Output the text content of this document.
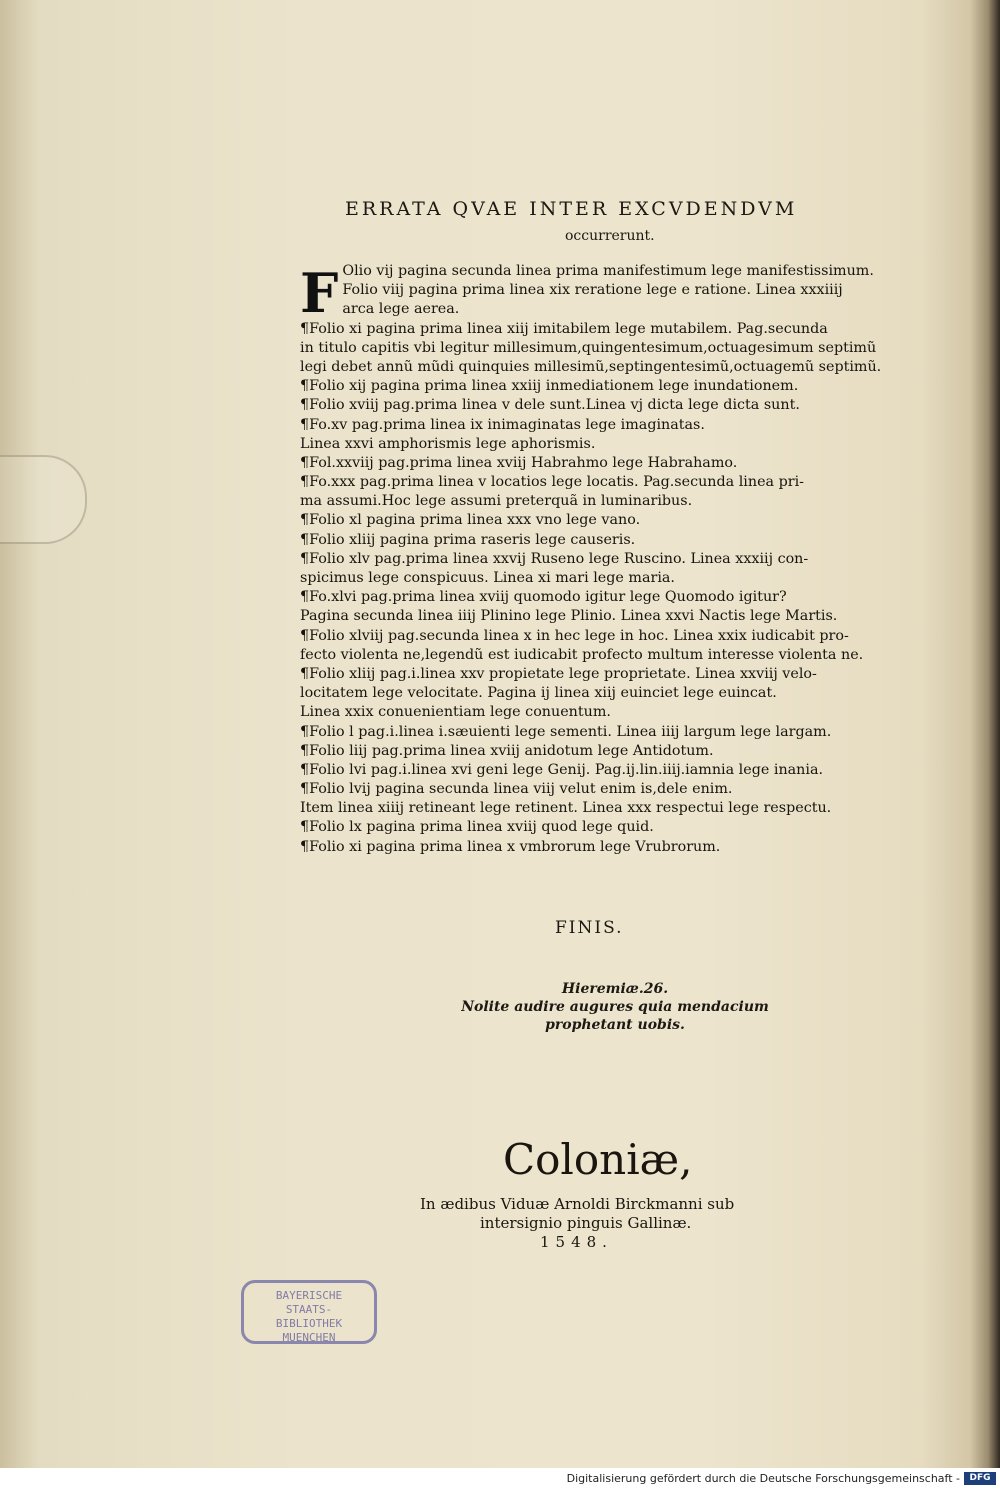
ERRATA QVAE INTER EXCVDENDVM
occurrerunt.
F Olio vij pagina secunda linea prima manifestimum lege manifestissimum.
Folio viij pagina prima linea xix reratione lege e ratione. Linea xxxiiij
arca lege aerea.
¶Folio xi pagina prima linea xiij imitabilem lege mutabilem. Pag.secunda
in titulo capitis vbi legitur millesimum,quingentesimum,octuagesimum septimũ
legi debet annũ mũdi quinquies millesimũ,septingentesimũ,octuagemũ septimũ.
¶Folio xij pagina prima linea xxiij inmediationem lege inundationem.
¶Folio xviij pag.prima linea v dele sunt.Linea vj dicta lege dicta sunt.
¶Fo.xv pag.prima linea ix inimaginatas lege imaginatas.
Linea xxvi amphorismis lege aphorismis.
¶Fol.xxviij pag.prima linea xviij Habrahmo lege Habrahamo.
¶Fo.xxx pag.prima linea v locatios lege locatis. Pag.secunda linea pri-
ma assumi.Hoc lege assumi preterquã in luminaribus.
¶Folio xl pagina prima linea xxx vno lege vano.
¶Folio xliij pagina prima raseris lege causeris.
¶Folio xlv pag.prima linea xxvij Ruseno lege Ruscino. Linea xxxiij con-
spicimus lege conspicuus. Linea xi mari lege maria.
¶Fo.xlvi pag.prima linea xviij quomodo igitur lege Quomodo igitur?
Pagina secunda linea iiij Plinino lege Plinio. Linea xxvi Nactis lege Martis.
¶Folio xlviij pag.secunda linea x in hec lege in hoc. Linea xxix iudicabit pro-
fecto violenta ne,legendũ est iudicabit profecto multum interesse violenta ne.
¶Folio xliij pag.i.linea xxv propietate lege proprietate. Linea xxviij velo-
locitatem lege velocitate. Pagina ij linea xiij euinciet lege euincat.
Linea xxix conuenientiam lege conuentum.
¶Folio l pag.i.linea i.sæuienti lege sementi. Linea iiij largum lege largam.
¶Folio liij pag.prima linea xviij anidotum lege Antidotum.
¶Folio lvi pag.i.linea xvi geni lege Genij. Pag.ij.lin.iiij.iamnia lege inania.
¶Folio lvij pagina secunda linea viij velut enim is,dele enim.
Item linea xiiij retineant lege retinent. Linea xxx respectui lege respectu.
¶Folio lx pagina prima linea xviij quod lege quid.
¶Folio xi pagina prima linea x vmbrorum lege Vrubrorum.
FINIS.
Hieremiæ.26.
Nolite audire augures quia mendacium
prophetant uobis.
Coloniæ,
In ædibus Viduæ Arnoldi Birckmanni sub
intersignio pinguis Gallinæ.
1548.
BAYERISCHE
STAATS-
BIBLIOTHEK
MUENCHEN
Digitalisierung gefördert durch die Deutsche Forschungsgemeinschaft -	DFG
